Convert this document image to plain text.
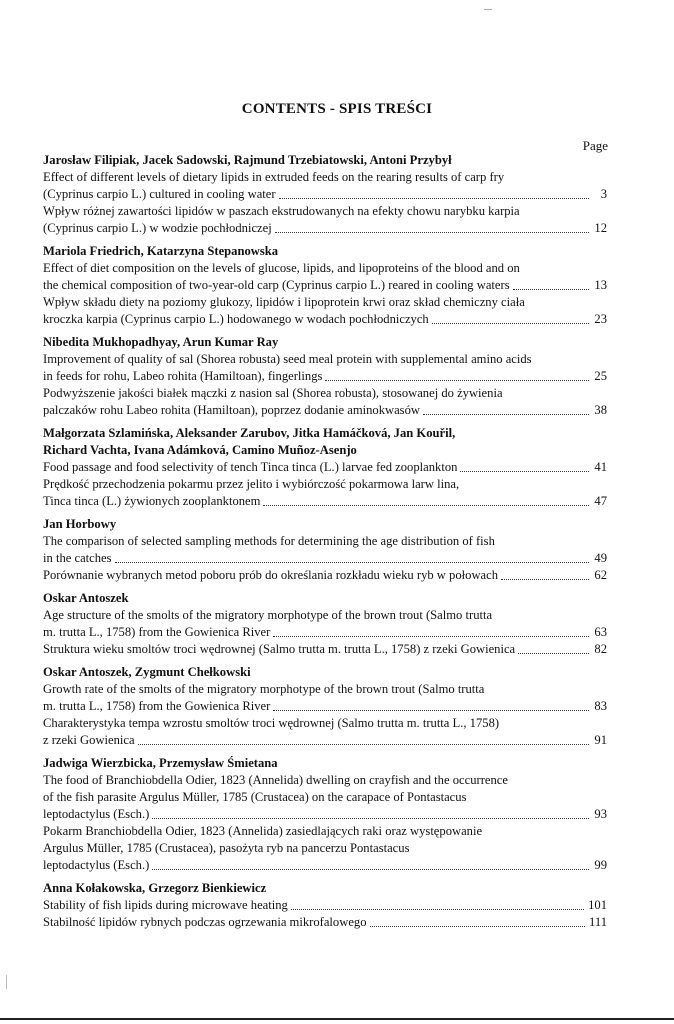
CONTENTS - SPIS TREŚCI
Page
Jarosław Filipiak, Jacek Sadowski, Rajmund Trzebiatowski, Antoni Przybył
Effect of different levels of dietary lipids in extruded feeds on the rearing results of carp fry
(Cyprinus carpio L.) cultured in cooling water	3
Wpływ różnej zawartości lipidów w paszach ekstrudowanych na efekty chowu narybku karpia
(Cyprinus carpio L.) w wodzie pochłodniczej	12
Mariola Friedrich, Katarzyna Stepanowska
Effect of diet composition on the levels of glucose, lipids, and lipoproteins of the blood and on
the chemical composition of two-year-old carp (Cyprinus carpio L.) reared in cooling waters	13
Wpływ składu diety na poziomy glukozy, lipidów i lipoprotein krwi oraz skład chemiczny ciała
kroczka karpia (Cyprinus carpio L.) hodowanego w wodach pochłodniczych	23
Nibedita Mukhopadhyay, Arun Kumar Ray
Improvement of quality of sal (Shorea robusta) seed meal protein with supplemental amino acids
in feeds for rohu, Labeo rohita (Hamiltoan), fingerlings	25
Podwyższenie jakości białek mączki z nasion sal (Shorea robusta), stosowanej do żywienia
palczaków rohu Labeo rohita (Hamiltoan), poprzez dodanie aminokwasów	38
Małgorzata Szlamińska, Aleksander Zarubov, Jitka Hamáčková, Jan Kouřil,
Richard Vachta, Ivana Adámková, Camino Muñoz-Asenjo
Food passage and food selectivity of tench Tinca tinca (L.) larvae fed zooplankton	41
Prędkość przechodzenia pokarmu przez jelito i wybiórczość pokarmowa larw lina,
Tinca tinca (L.) żywionych zooplanktonem	47
Jan Horbowy
The comparison of selected sampling methods for determining the age distribution of fish
in the catches	49
Porównanie wybranych metod poboru prób do określania rozkładu wieku ryb w połowach	62
Oskar Antoszek
Age structure of the smolts of the migratory morphotype of the brown trout (Salmo trutta
m. trutta L., 1758) from the Gowienica River	63
Struktura wieku smoltów troci wędrownej (Salmo trutta m. trutta L., 1758) z rzeki Gowienica	82
Oskar Antoszek, Zygmunt Chełkowski
Growth rate of the smolts of the migratory morphotype of the brown trout (Salmo trutta
m. trutta L., 1758) from the Gowienica River	83
Charakterystyka tempa wzrostu smoltów troci wędrownej (Salmo trutta m. trutta L., 1758)
z rzeki Gowienica	91
Jadwiga Wierzbicka, Przemysław Śmietana
The food of Branchiobdella Odier, 1823 (Annelida) dwelling on crayfish and the occurrence
of the fish parasite Argulus Müller, 1785 (Crustacea) on the carapace of Pontastacus
leptodactylus (Esch.)	93
Pokarm Branchiobdella Odier, 1823 (Annelida) zasiedlających raki oraz występowanie
Argulus Müller, 1785 (Crustacea), pasożyta ryb na pancerzu Pontastacus
leptodactylus (Esch.)	99
Anna Kołakowska, Grzegorz Bienkiewicz
Stability of fish lipids during microwave heating	101
Stabilność lipidów rybnych podczas ogrzewania mikrofalowego	111
